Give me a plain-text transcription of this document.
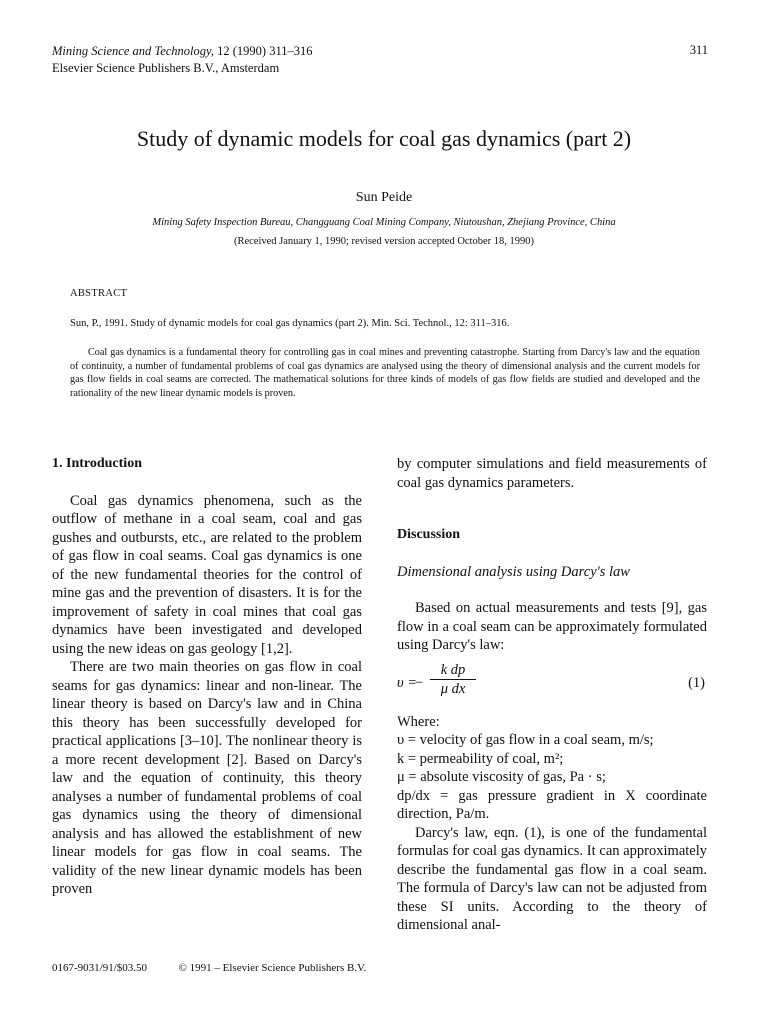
Mining Science and Technology, 12 (1990) 311–316
Elsevier Science Publishers B.V., Amsterdam
311
Study of dynamic models for coal gas dynamics (part 2)
Sun Peide
Mining Safety Inspection Bureau, Changguang Coal Mining Company, Niutoushan, Zhejiang Province, China
(Received January 1, 1990; revised version accepted October 18, 1990)
ABSTRACT
Sun, P., 1991. Study of dynamic models for coal gas dynamics (part 2). Min. Sci. Technol., 12: 311–316.
Coal gas dynamics is a fundamental theory for controlling gas in coal mines and preventing catastrophe. Starting from Darcy's law and the equation of continuity, a number of fundamental problems of coal gas dynamics are analysed using the theory of dimensional analysis and the current models for gas flow fields in coal seams are corrected. The mathematical solutions for three kinds of models of gas flow fields are studied and developed and the rationality of the new linear dynamic models is proven.

1. Introduction

Coal gas dynamics phenomena, such as the outflow of methane in a coal seam, coal and gas gushes and outbursts, etc., are related to the problem of gas flow in coal seams. Coal gas dynamics is one of the new fundamental theories for the control of mine gas and the prevention of disasters. It is for the improvement of safety in coal mines that coal gas dynamics have been investigated and developed using the new ideas on gas geology [1,2].

There are two main theories on gas flow in coal seams for gas dynamics: linear and non-linear. The linear theory is based on Darcy's law and in China this theory has been successfully developed for practical applications [3–10]. The nonlinear theory is a more recent development [2]. Based on Darcy's law and the equation of continuity, this theory analyses a number of fundamental problems of coal gas dynamics using the theory of dimensional analysis and has allowed the establishment of new linear models for gas flow in coal seams. The validity of the new linear dynamic models has been proven

by computer simulations and field measurements of coal gas dynamics parameters.

Discussion

Dimensional analysis using Darcy's law

Based on actual measurements and tests [9], gas flow in a coal seam can be approximately formulated using Darcy's law:

υ =
− $\frac{\text{k dp}}{\text{μ dx}}$	(1)

Where:

υ = velocity of gas flow in a coal seam, m/s;

k = permeability of coal, m²;

μ = absolute viscosity of gas, Pa · s;

dp/dx = gas pressure gradient in X coordinate direction, Pa/m.

Darcy's law, eqn. (1), is one of the fundamental formulas for coal gas dynamics. It can approximately describe the fundamental gas flow in a coal seam. The formula of Darcy's law can not be adjusted from these SI units. According to the theory of dimensional anal-

0167-9031/91/$03.50	© 1991 – Elsevier Science Publishers B.V.
